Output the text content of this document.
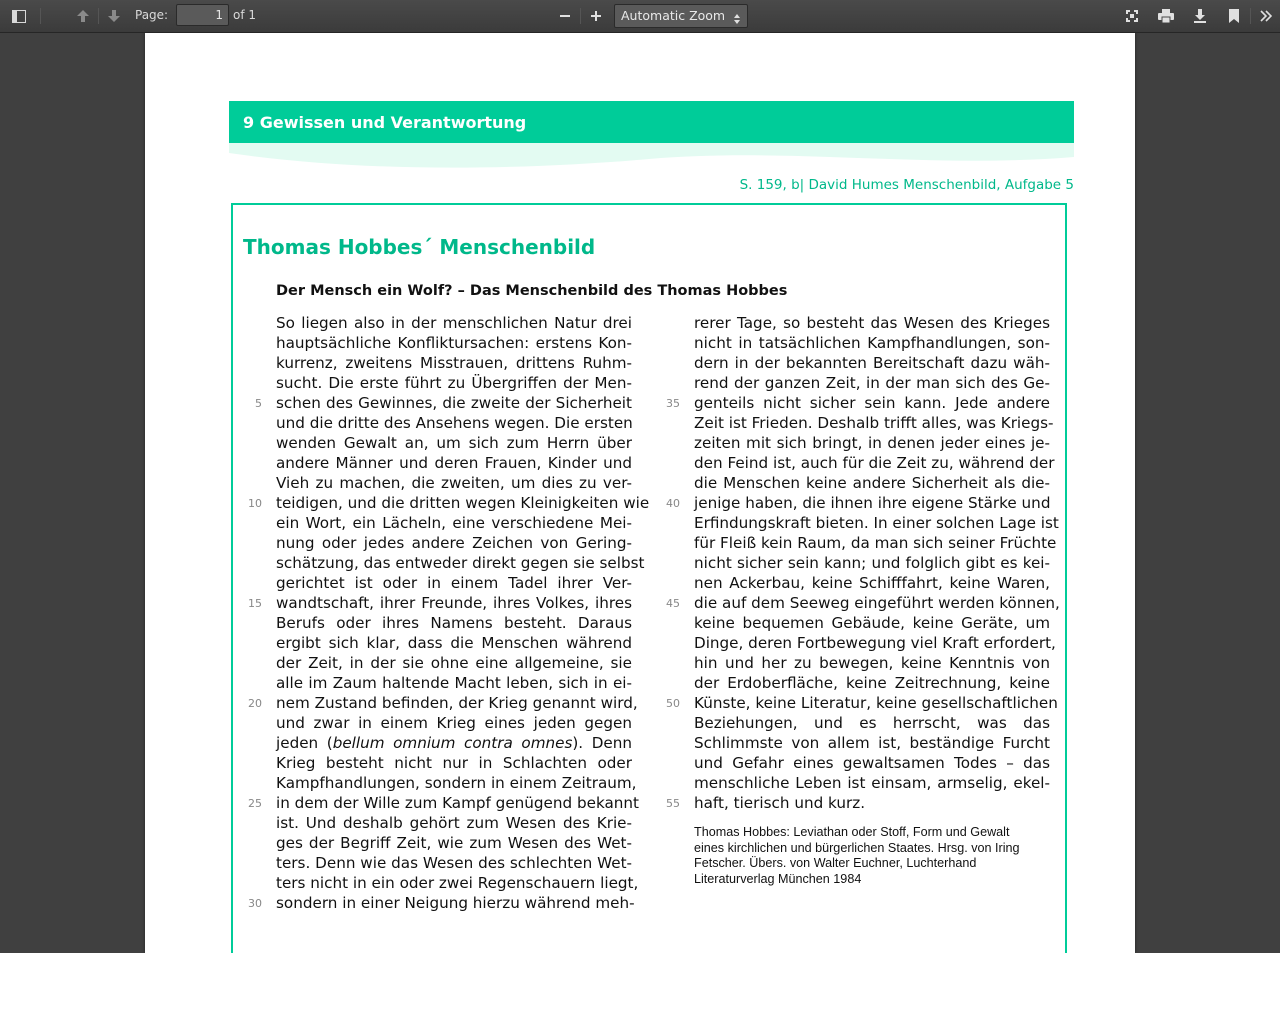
Page:
1	of 1	Automatic Zoom
9 Gewissen und Verantwortung
S. 159, b| David Humes Menschenbild, Aufgabe 5
Thomas Hobbes´ Menschenbild
Der Mensch ein Wolf? – Das Menschenbild des Thomas Hobbes
So liegen also in der menschlichen Natur drei
hauptsächliche Konfliktursachen: erstens Kon-
kurrenz, zweitens Misstrauen, drittens Ruhm-
sucht. Die erste führt zu Übergriffen der Men-
schen des Gewinnes, die zweite der Sicherheit
und die dritte des Ansehens wegen. Die ersten
wenden Gewalt an, um sich zum Herrn über
andere Männer und deren Frauen, Kinder und
Vieh zu machen, die zweiten, um dies zu ver-
teidigen, und die dritten wegen Kleinigkeiten wie
ein Wort, ein Lächeln, eine verschiedene Mei-
nung oder jedes andere Zeichen von Gering-
schätzung, das entweder direkt gegen sie selbst
gerichtet ist oder in einem Tadel ihrer Ver-
wandtschaft, ihrer Freunde, ihres Volkes, ihres
Berufs oder ihres Namens besteht. Daraus
ergibt sich klar, dass die Menschen während
der Zeit, in der sie ohne eine allgemeine, sie
alle im Zaum haltende Macht leben, sich in ei-
nem Zustand befinden, der Krieg genannt wird,
und zwar in einem Krieg eines jeden gegen
jeden (bellum omnium contra omnes). Denn
Krieg besteht nicht nur in Schlachten oder
Kampfhandlungen, sondern in einem Zeitraum,
in dem der Wille zum Kampf genügend bekannt
ist. Und deshalb gehört zum Wesen des Krie-
ges der Begriff Zeit, wie zum Wesen des Wet-
ters. Denn wie das Wesen des schlechten Wet-
ters nicht in ein oder zwei Regenschauern liegt,
sondern in einer Neigung hierzu während meh-
rerer Tage, so besteht das Wesen des Krieges
nicht in tatsächlichen Kampfhandlungen, son-
dern in der bekannten Bereitschaft dazu wäh-
rend der ganzen Zeit, in der man sich des Ge-
genteils nicht sicher sein kann. Jede andere
Zeit ist Frieden. Deshalb trifft alles, was Kriegs-
zeiten mit sich bringt, in denen jeder eines je-
den Feind ist, auch für die Zeit zu, während der
die Menschen keine andere Sicherheit als die-
jenige haben, die ihnen ihre eigene Stärke und
Erfindungskraft bieten. In einer solchen Lage ist
für Fleiß kein Raum, da man sich seiner Früchte
nicht sicher sein kann; und folglich gibt es kei-
nen Ackerbau, keine Schifffahrt, keine Waren,
die auf dem Seeweg eingeführt werden können,
keine bequemen Gebäude, keine Geräte, um
Dinge, deren Fortbewegung viel Kraft erfordert,
hin und her zu bewegen, keine Kenntnis von
der Erdoberfläche, keine Zeitrechnung, keine
Künste, keine Literatur, keine gesellschaftlichen
Beziehungen, und es herrscht, was das
Schlimmste von allem ist, beständige Furcht
und Gefahr eines gewaltsamen Todes – das
menschliche Leben ist einsam, armselig, ekel-
haft, tierisch und kurz.
5
10
15
20
25
30
35
40
45
50
55
Thomas Hobbes: Leviathan oder Stoff, Form und Gewalt
eines kirchlichen und bürgerlichen Staates. Hrsg. von Iring
Fetscher. Übers. von Walter Euchner, Luchterhand
Literaturverlag München 1984
